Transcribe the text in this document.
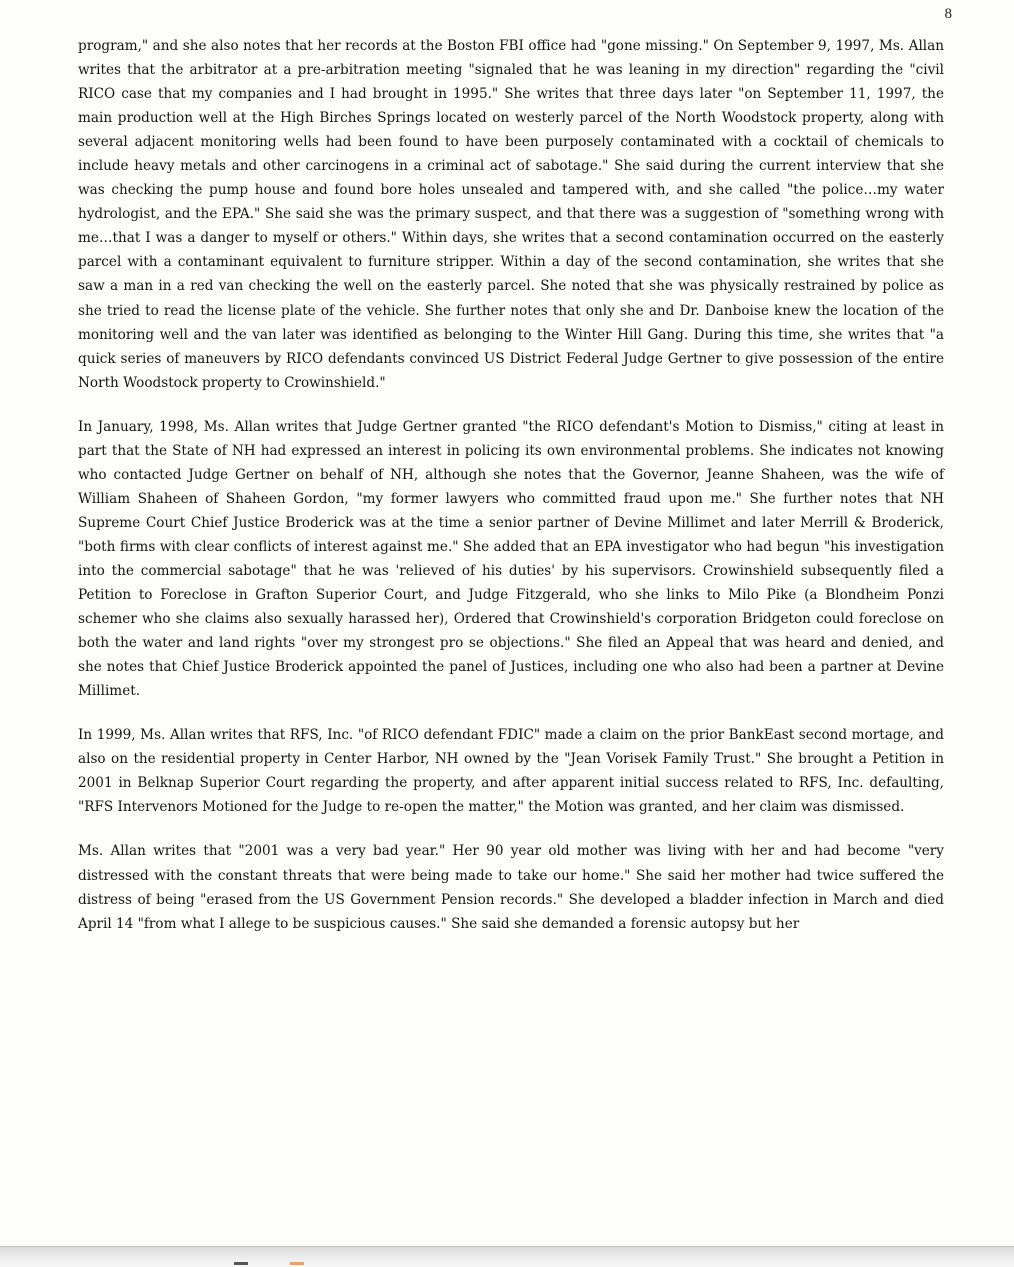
8

program," and she also notes that her records at the Boston FBI office had "gone missing." On September 9, 1997, Ms. Allan writes that the arbitrator at a pre-arbitration meeting "signaled that he was leaning in my direction" regarding the "civil RICO case that my companies and I had brought in 1995." She writes that three days later "on September 11, 1997, the main production well at the High Birches Springs located on westerly parcel of the North Woodstock property, along with several adjacent monitoring wells had been found to have been purposely contaminated with a cocktail of chemicals to include heavy metals and other carcinogens in a criminal act of sabotage." She said during the current interview that she was checking the pump house and found bore holes unsealed and tampered with, and she called "the police…my water hydrologist, and the EPA." She said she was the primary suspect, and that there was a suggestion of "something wrong with me…that I was a danger to myself or others." Within days, she writes that a second contamination occurred on the easterly parcel with a contaminant equivalent to furniture stripper. Within a day of the second contamination, she writes that she saw a man in a red van checking the well on the easterly parcel. She noted that she was physically restrained by police as she tried to read the license plate of the vehicle. She further notes that only she and Dr. Danboise knew the location of the monitoring well and the van later was identified as belonging to the Winter Hill Gang. During this time, she writes that "a quick series of maneuvers by RICO defendants convinced US District Federal Judge Gertner to give possession of the entire North Woodstock property to Crowinshield."

In January, 1998, Ms. Allan writes that Judge Gertner granted "the RICO defendant's Motion to Dismiss," citing at least in part that the State of NH had expressed an interest in policing its own environmental problems. She indicates not knowing who contacted Judge Gertner on behalf of NH, although she notes that the Governor, Jeanne Shaheen, was the wife of William Shaheen of Shaheen Gordon, "my former lawyers who committed fraud upon me." She further notes that NH Supreme Court Chief Justice Broderick was at the time a senior partner of Devine Millimet and later Merrill & Broderick, "both firms with clear conflicts of interest against me." She added that an EPA investigator who had begun "his investigation into the commercial sabotage" that he was 'relieved of his duties' by his supervisors. Crowinshield subsequently filed a Petition to Foreclose in Grafton Superior Court, and Judge Fitzgerald, who she links to Milo Pike (a Blondheim Ponzi schemer who she claims also sexually harassed her), Ordered that Crowinshield's corporation Bridgeton could foreclose on both the water and land rights "over my strongest pro se objections." She filed an Appeal that was heard and denied, and she notes that Chief Justice Broderick appointed the panel of Justices, including one who also had been a partner at Devine Millimet.

In 1999, Ms. Allan writes that RFS, Inc. "of RICO defendant FDIC" made a claim on the prior BankEast second mortage, and also on the residential property in Center Harbor, NH owned by the "Jean Vorisek Family Trust." She brought a Petition in 2001 in Belknap Superior Court regarding the property, and after apparent initial success related to RFS, Inc. defaulting, "RFS Intervenors Motioned for the Judge to re-open the matter," the Motion was granted, and her claim was dismissed.

Ms. Allan writes that "2001 was a very bad year." Her 90 year old mother was living with her and had become "very distressed with the constant threats that were being made to take our home." She said her mother had twice suffered the distress of being "erased from the US Government Pension records." She developed a bladder infection in March and died April 14 "from what I allege to be suspicious causes." She said she demanded a forensic autopsy but her
